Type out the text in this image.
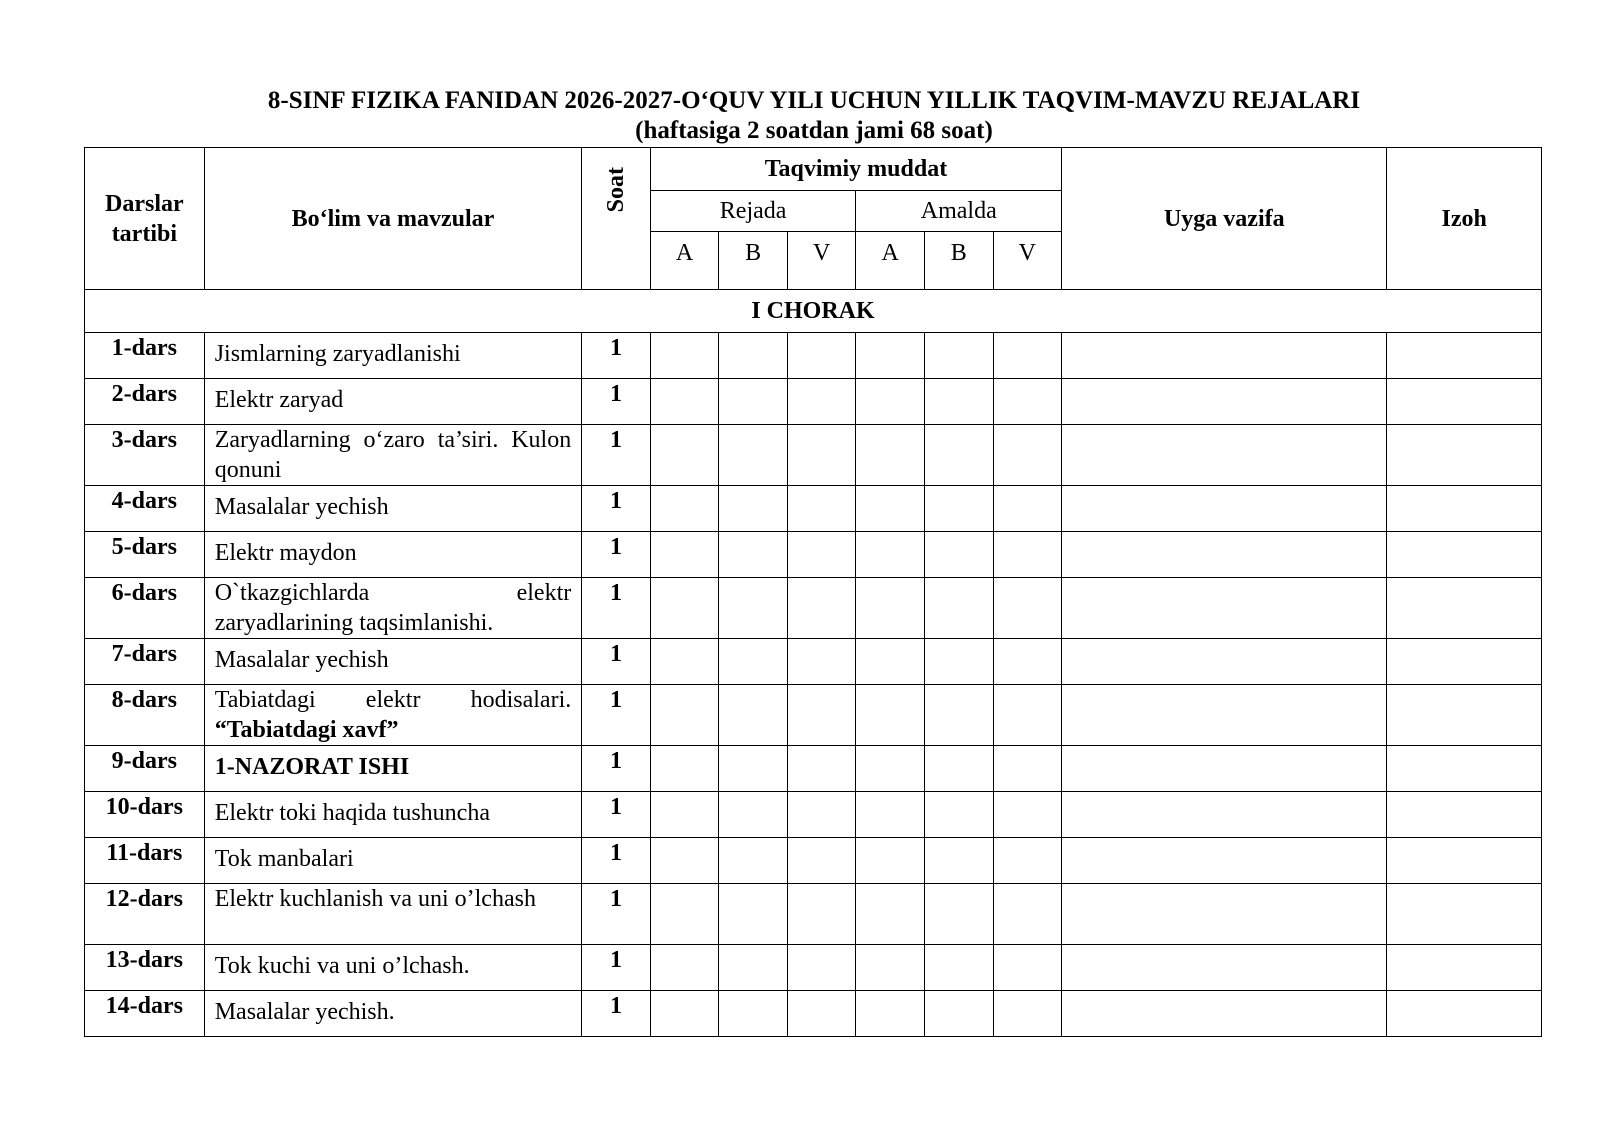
8-SINF FIZIKA FANIDAN 2026-2027-O‘QUV YILI UCHUN YILLIK TAQVIM-MAVZU REJALARI
(haftasiga 2 soatdan jami 68 soat)
Darslar tartibi	Bo‘lim va mavzular	Soat	Taqvimiy muddat						Uyga vazifa	Izoh
			Rejada			Amalda				
			A	B	V	A	B	V		
I CHORAK										
1-dars	Jismlarning zaryadlanishi	1								
2-dars	Elektr zaryad	1								
3-dars	Zaryadlarning o‘zaro ta’siri. Kulon qonuni	1								
4-dars	Masalalar yechish	1								
5-dars	Elektr maydon	1								
6-dars	O`tkazgichlarda elektr zaryadlarining taqsimlanishi.	1								
7-dars	Masalalar yechish	1								
8-dars	Tabiatdagi elektr hodisalari. “Tabiatdagi xavf”	1								
9-dars	1-NAZORAT ISHI	1								
10-dars	Elektr toki haqida tushuncha	1								
11-dars	Tok manbalari	1								
12-dars	Elektr kuchlanish va uni o’lchash	1								
13-dars	Tok kuchi va uni o’lchash.	1								
14-dars	Masalalar yechish.	1								
